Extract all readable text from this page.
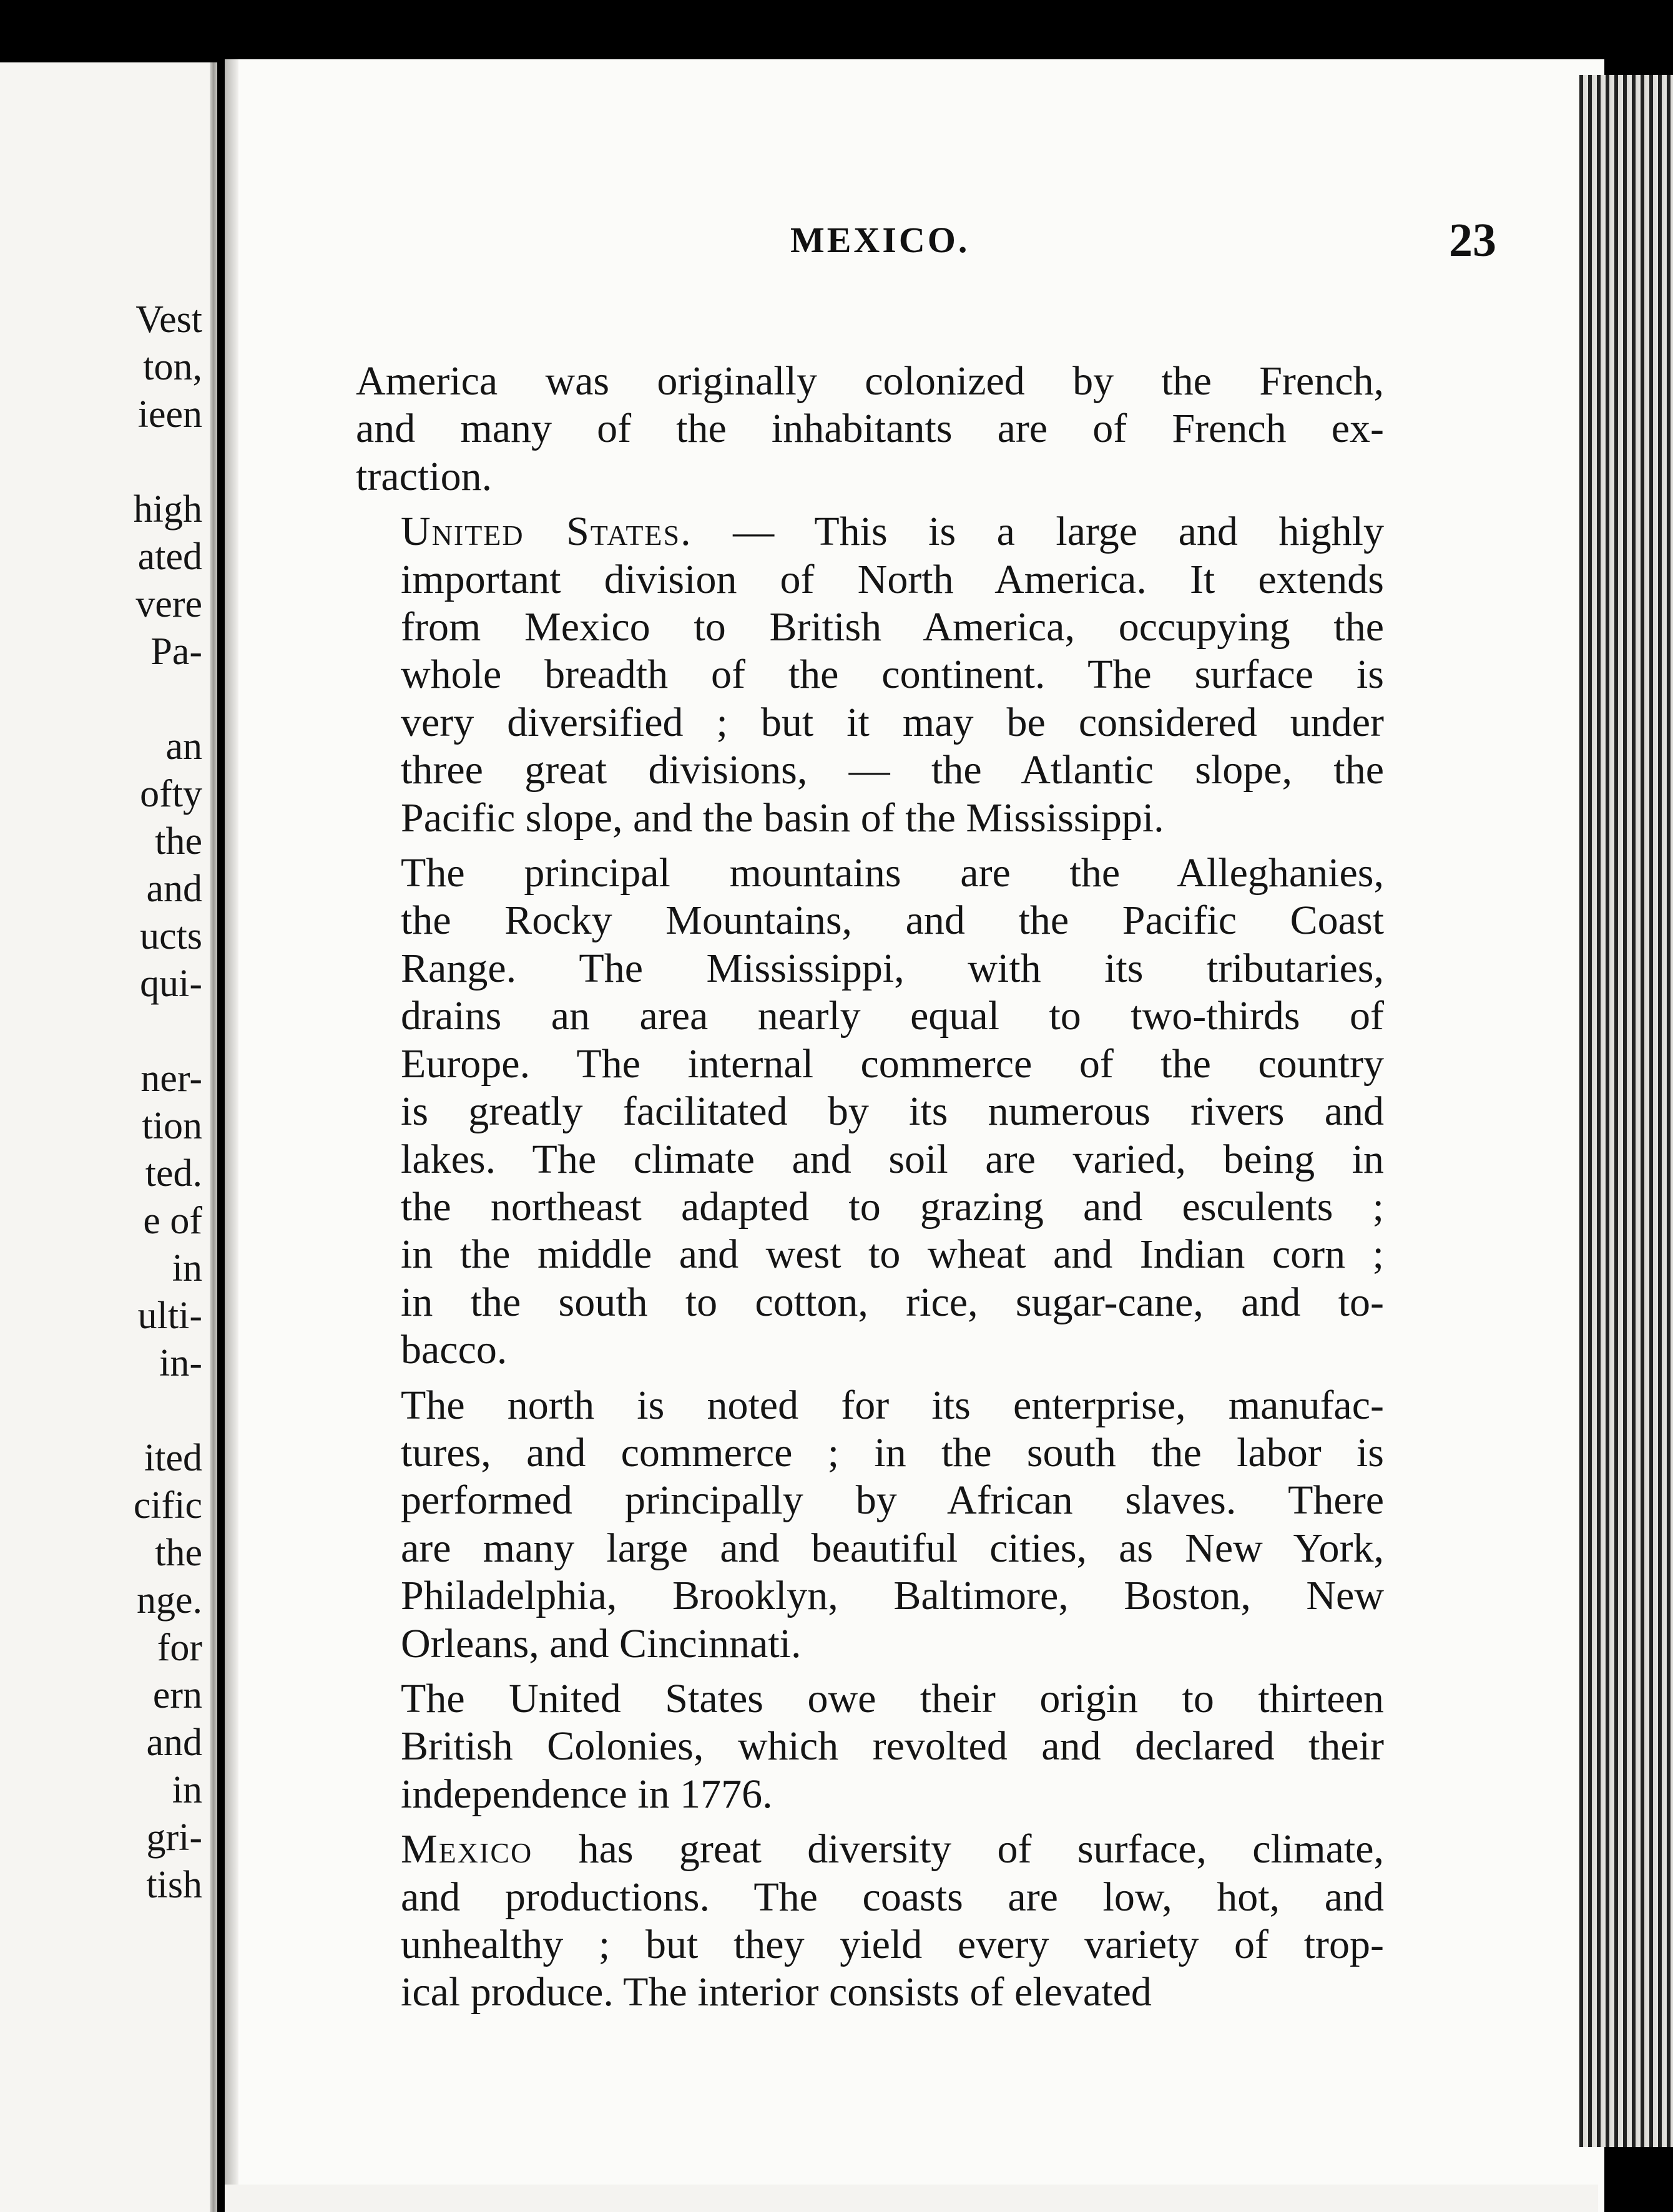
Vest
ton,
ieen
high
ated
vere
Pa-
an
ofty
the
and
ucts
qui-
ner-
tion
ted.
e of
in
ulti-
in-
ited
cific
the
nge.
for
ern
and
in
gri-
tish
MEXICO.	23
America was originally colonized by the French,
and many of the inhabitants are of French ex-
traction.
United States. — This is a large and highly
important division of North America. It extends
from Mexico to British America, occupying the
whole breadth of the continent. The surface is
very diversified ; but it may be considered under
three great divisions, — the Atlantic slope, the
Pacific slope, and the basin of the Mississippi.
The principal mountains are the Alleghanies,
the Rocky Mountains, and the Pacific Coast
Range. The Mississippi, with its tributaries,
drains an area nearly equal to two-thirds of
Europe. The internal commerce of the country
is greatly facilitated by its numerous rivers and
lakes. The climate and soil are varied, being in
the northeast adapted to grazing and esculents ;
in the middle and west to wheat and Indian corn ;
in the south to cotton, rice, sugar-cane, and to-
bacco.
The north is noted for its enterprise, manufac-
tures, and commerce ; in the south the labor is
performed principally by African slaves. There
are many large and beautiful cities, as New York,
Philadelphia, Brooklyn, Baltimore, Boston, New
Orleans, and Cincinnati.
The United States owe their origin to thirteen
British Colonies, which revolted and declared their
independence in 1776.
Mexico has great diversity of surface, climate,
and productions. The coasts are low, hot, and
unhealthy ; but they yield every variety of trop-
ical produce. The interior consists of elevated
